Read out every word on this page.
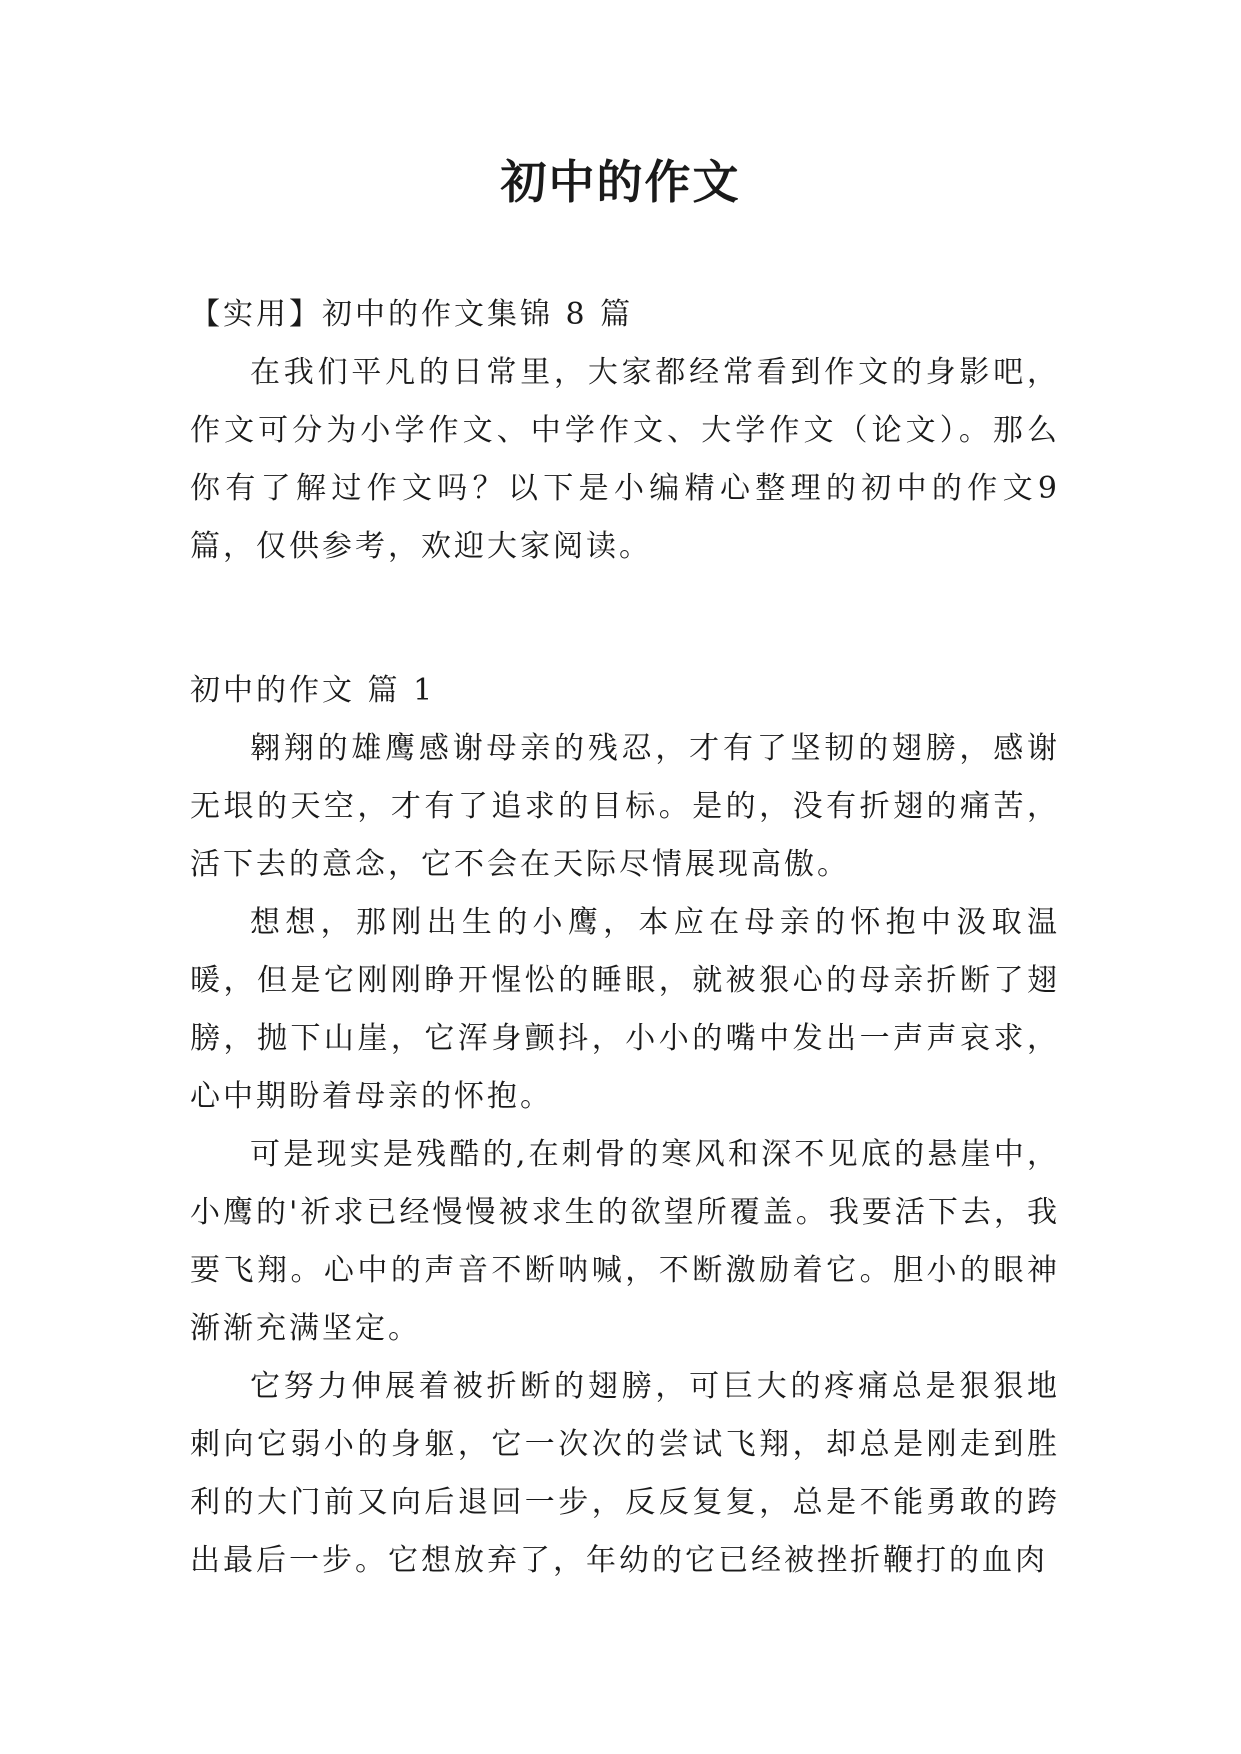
初中的作文

【实用】初中的作文集锦 8 篇

在我们平凡的日常里，大家都经常看到作文的身影吧，作文可分为小学作文、中学作文、大学作文（论文）。那么你有了解过作文吗？以下是小编精心整理的初中的作文9篇，仅供参考，欢迎大家阅读。

初中的作文 篇 1

翱翔的雄鹰感谢母亲的残忍，才有了坚韧的翅膀，感谢无垠的天空，才有了追求的目标。是的，没有折翅的痛苦，活下去的意念，它不会在天际尽情展现高傲。

想想，那刚出生的小鹰，本应在母亲的怀抱中汲取温暖，但是它刚刚睁开惺忪的睡眼，就被狠心的母亲折断了翅膀，抛下山崖，它浑身颤抖，小小的嘴中发出一声声哀求，心中期盼着母亲的怀抱。

可是现实是残酷的,在刺骨的寒风和深不见底的悬崖中，小鹰的'祈求已经慢慢被求生的欲望所覆盖。我要活下去，我要飞翔。心中的声音不断呐喊，不断激励着它。胆小的眼神渐渐充满坚定。

它努力伸展着被折断的翅膀，可巨大的疼痛总是狠狠地刺向它弱小的身躯，它一次次的尝试飞翔，却总是刚走到胜利的大门前又向后退回一步，反反复复，总是不能勇敢的跨出最后一步。它想放弃了，年幼的它已经被挫折鞭打的血肉
